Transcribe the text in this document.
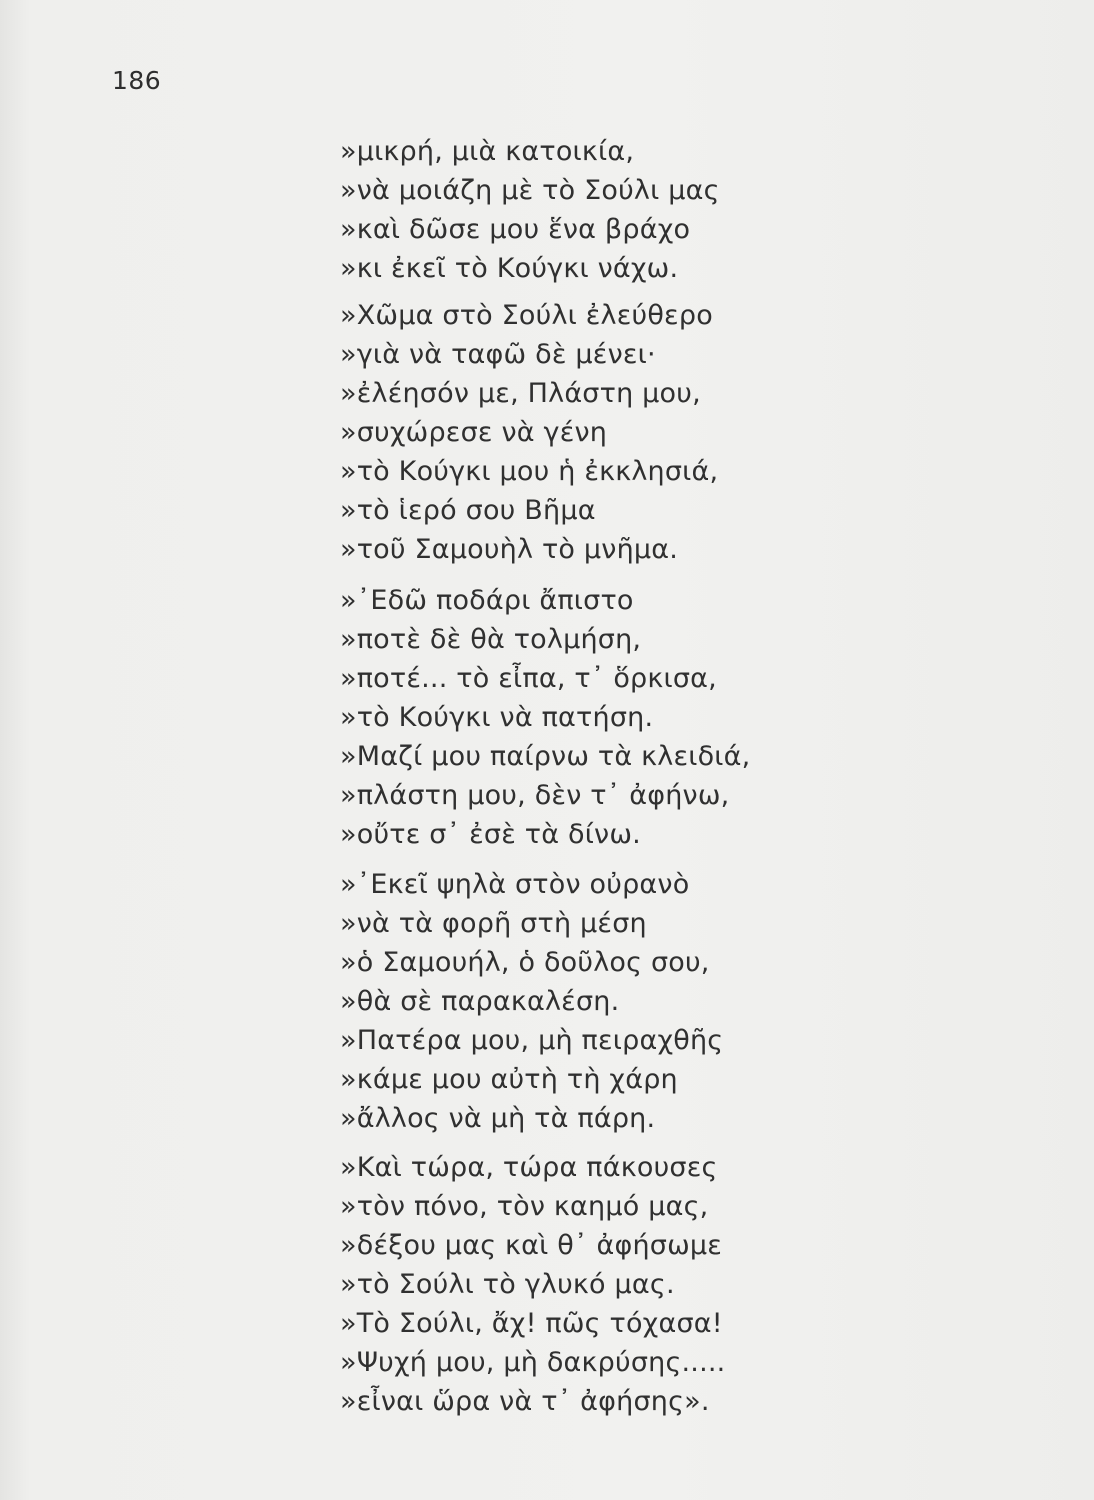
186
»μικρή, μιὰ κατοικία,
»νὰ μοιάζη μὲ τὸ Σούλι μας
»καὶ δῶσε μου ἕνα βράχο
»κι ἐκεῖ τὸ Κούγκι νάχω.
»Χῶμα στὸ Σούλι ἐλεύθερο
»γιὰ νὰ ταφῶ δὲ μένει·
»ἐλέησόν με, Πλάστη μου,
»συχώρεσε νὰ γένη
»τὸ Κούγκι μου ἡ ἐκκλησιά,
»τὸ ἱερό σου Βῆμα
»τοῦ Σαμουὴλ τὸ μνῆμα.
»᾽Εδῶ ποδάρι ἄπιστο
»ποτὲ δὲ θὰ τολμήση,
»ποτέ... τὸ εἶπα, τ᾽ ὅρκισα,
»τὸ Κούγκι νὰ πατήση.
»Μαζί μου παίρνω τὰ κλειδιά,
»πλάστη μου, δὲν τ᾽ ἀφήνω,
»οὔτε σ᾽ ἐσὲ τὰ δίνω.
»᾽Εκεῖ ψηλὰ στὸν οὐρανὸ
»νὰ τὰ φορῆ στὴ μέση
»ὁ Σαμουήλ, ὁ δοῦλος σου,
»θὰ σὲ παρακαλέση.
»Πατέρα μου, μὴ πειραχθῆς
»κάμε μου αὐτὴ τὴ χάρη
»ἄλλος νὰ μὴ τὰ πάρη.
»Καὶ τώρα, τώρα πάκουσες
»τὸν πόνο, τὸν καημό μας,
»δέξου μας καὶ θ᾽ ἀφήσωμε
»τὸ Σούλι τὸ γλυκό μας.
»Τὸ Σούλι, ἄχ! πῶς τόχασα!
»Ψυχή μου, μὴ δακρύσης.....
»εἶναι ὥρα νὰ τ᾽ ἀφήσης».
